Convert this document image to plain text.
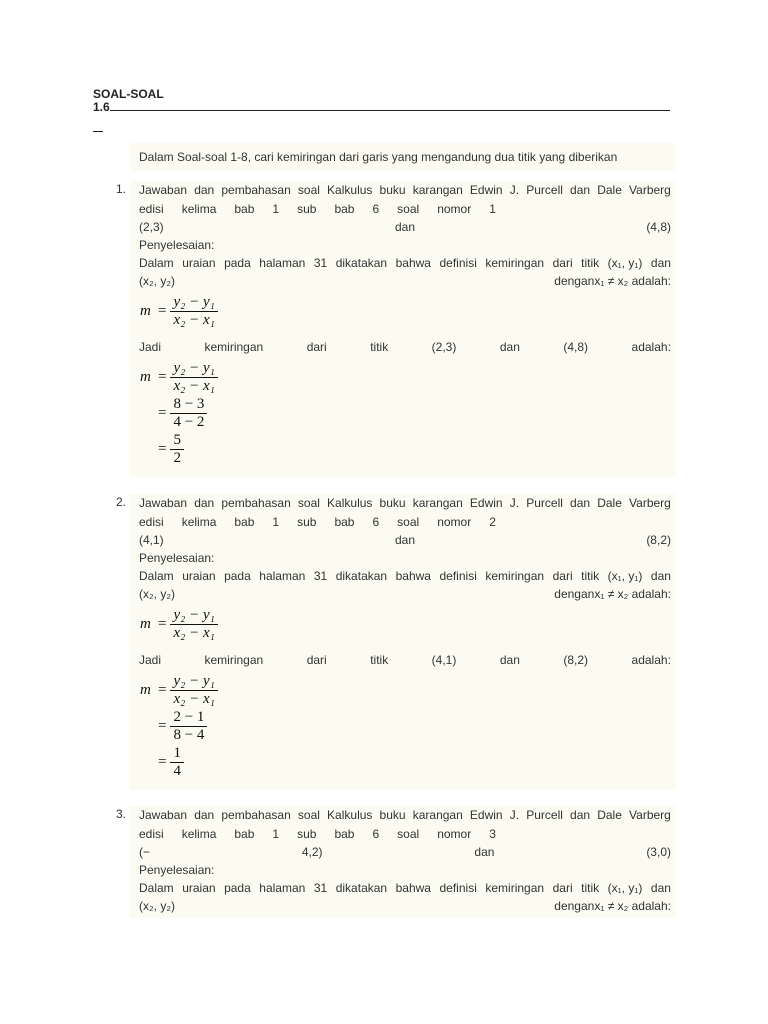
SOAL-SOAL
1.6
Dalam Soal-soal 1-8, cari kemiringan dari garis yang mengandung dua titik yang diberikan
1. Jawaban dan pembahasan soal Kalkulus buku karangan Edwin J. Purcell dan Dale Varberg
edisi kelima bab 1 sub bab 6 soal nomor 1
(2,3)	dan	(4,8)
Penyelesaian:
Dalam uraian pada halaman 31 dikatakan bahwa definisi kemiringan dari titik (x₁, y₁) dan
(x₂, y₂)	denganx₁ ≠ x₂ adalah:
$m = \frac{\text{y₂ − y₁}}{\text{x₂ − x₁}}$
Jadi	kemiringan	dari	titik	(2,3)	dan	(4,8)	adalah:
$m = \frac{\text{y₂ − y₁}}{\text{x₂ − x₁}}$
= $\frac{8 - 3}{4 - 2}$
= $\frac{5}{2}$
2. Jawaban dan pembahasan soal Kalkulus buku karangan Edwin J. Purcell dan Dale Varberg
edisi kelima bab 1 sub bab 6 soal nomor 2
(4,1)	dan	(8,2)
Penyelesaian:
Dalam uraian pada halaman 31 dikatakan bahwa definisi kemiringan dari titik (x₁, y₁) dan
(x₂, y₂)	denganx₁ ≠ x₂ adalah:
$m = \frac{\text{y₂ − y₁}}{\text{x₂ − x₁}}$
Jadi	kemiringan	dari	titik	(4,1)	dan	(8,2)	adalah:
$m = \frac{\text{y₂ − y₁}}{\text{x₂ − x₁}}$
= $\frac{2 - 1}{8 - 4}$
= $\frac{1}{4}$
3. Jawaban dan pembahasan soal Kalkulus buku karangan Edwin J. Purcell dan Dale Varberg
edisi kelima bab 1 sub bab 6 soal nomor 3
(−	4,2)	dan	(3,0)
Penyelesaian:
Dalam uraian pada halaman 31 dikatakan bahwa definisi kemiringan dari titik (x₁, y₁) dan
(x₂, y₂)	denganx₁ ≠ x₂ adalah:
